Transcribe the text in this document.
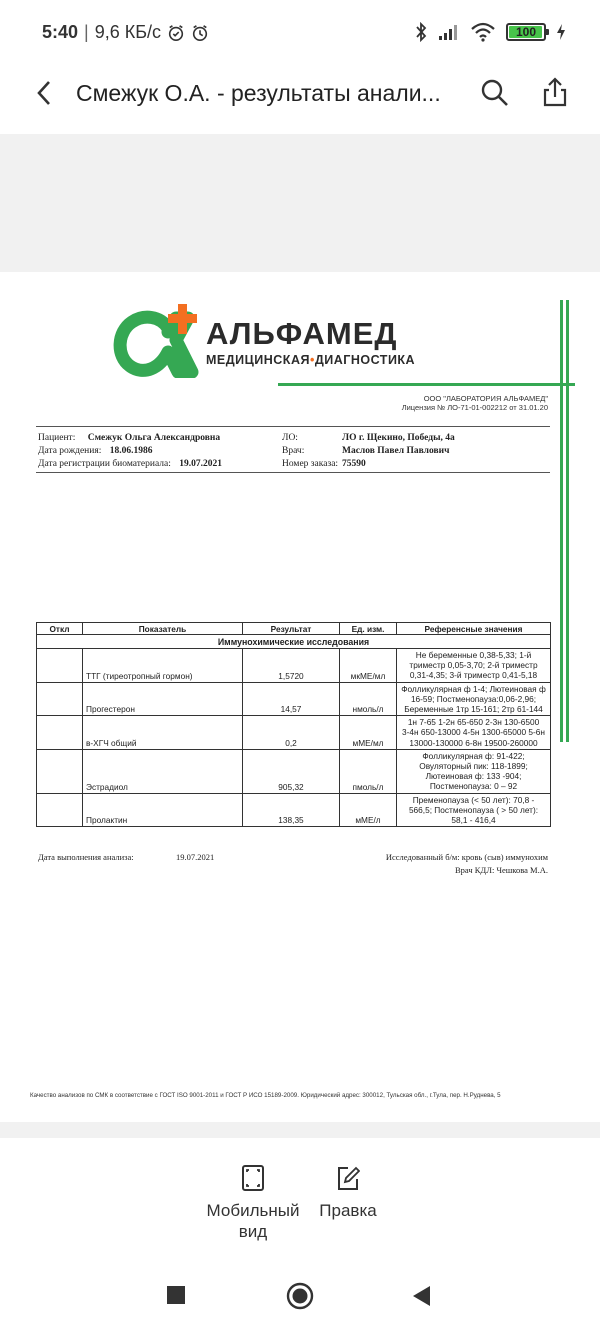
5:40 | 9,6 КБ/с	100
Смежук О.А. - результаты анали...
АЛЬФАМЕД
МЕДИЦИНСКАЯ•ДИАГНОСТИКА
ООО "ЛАБОРАТОРИЯ АЛЬФАМЕД"
Лицензия № ЛО-71-01-002212 от 31.01.20
Пациент: Смежук Ольга Александровна
Дата рождения: 18.06.1986
Дата регистрации биоматериала: 19.07.2021
ЛО:	ЛО г. Щекино, Победы, 4а
Врач:	Маслов Павел Павлович
Номер заказа: 75590
Откл	Показатель	Результат	Ед. изм.	Референсные значения
Иммунохимические исследования				
	ТТГ (тиреотропный гормон)	1,5720	мкМЕ/мл	Не беременные 0,38-5,33; 1-й
триместр 0,05-3,70; 2-й триместр
0,31-4,35; 3-й триместр 0,41-5,18

	Прогестерон	14,57	нмоль/л	Фолликулярная ф 1-4; Лютеиновая ф
16-59; Постменопауза:0,06-2,96;
Беременные 1тр 15-161; 2тр 61-144

	в-ХГЧ общий	0,2	мМЕ/мл	1н 7-65 1-2н 65-650 2-3н 130-6500
3-4н 650-13000 4-5н 1300-65000 5-6н
13000-130000 6-8н 19500-260000

	Эстрадиол	905,32	пмоль/л	Фолликулярная ф: 91-422;
Овуляторный пик: 118-1899;
Лютеиновая ф: 133 -904;
Постменопауза: 0 – 92

	Пролактин	138,35	мМЕ/л	Пременопауза (< 50 лет): 70,8 -
566,5; Постменопауза ( > 50 лет):
58,1 - 416,4
Дата выполнения анализа:	19.07.2021	Исследованный б/м: кровь (сыв) иммунохим
Врач КДЛ: Чешкова М.А.
Качество анализов по СМК в соответствие с ГОСТ ISO 9001-2011 и ГОСТ Р ИСО 15189-2009. Юридический адрес: 300012, Тульская обл., г.Тула, пер. Н.Руднева, 5
Мобильный
вид
Правка
